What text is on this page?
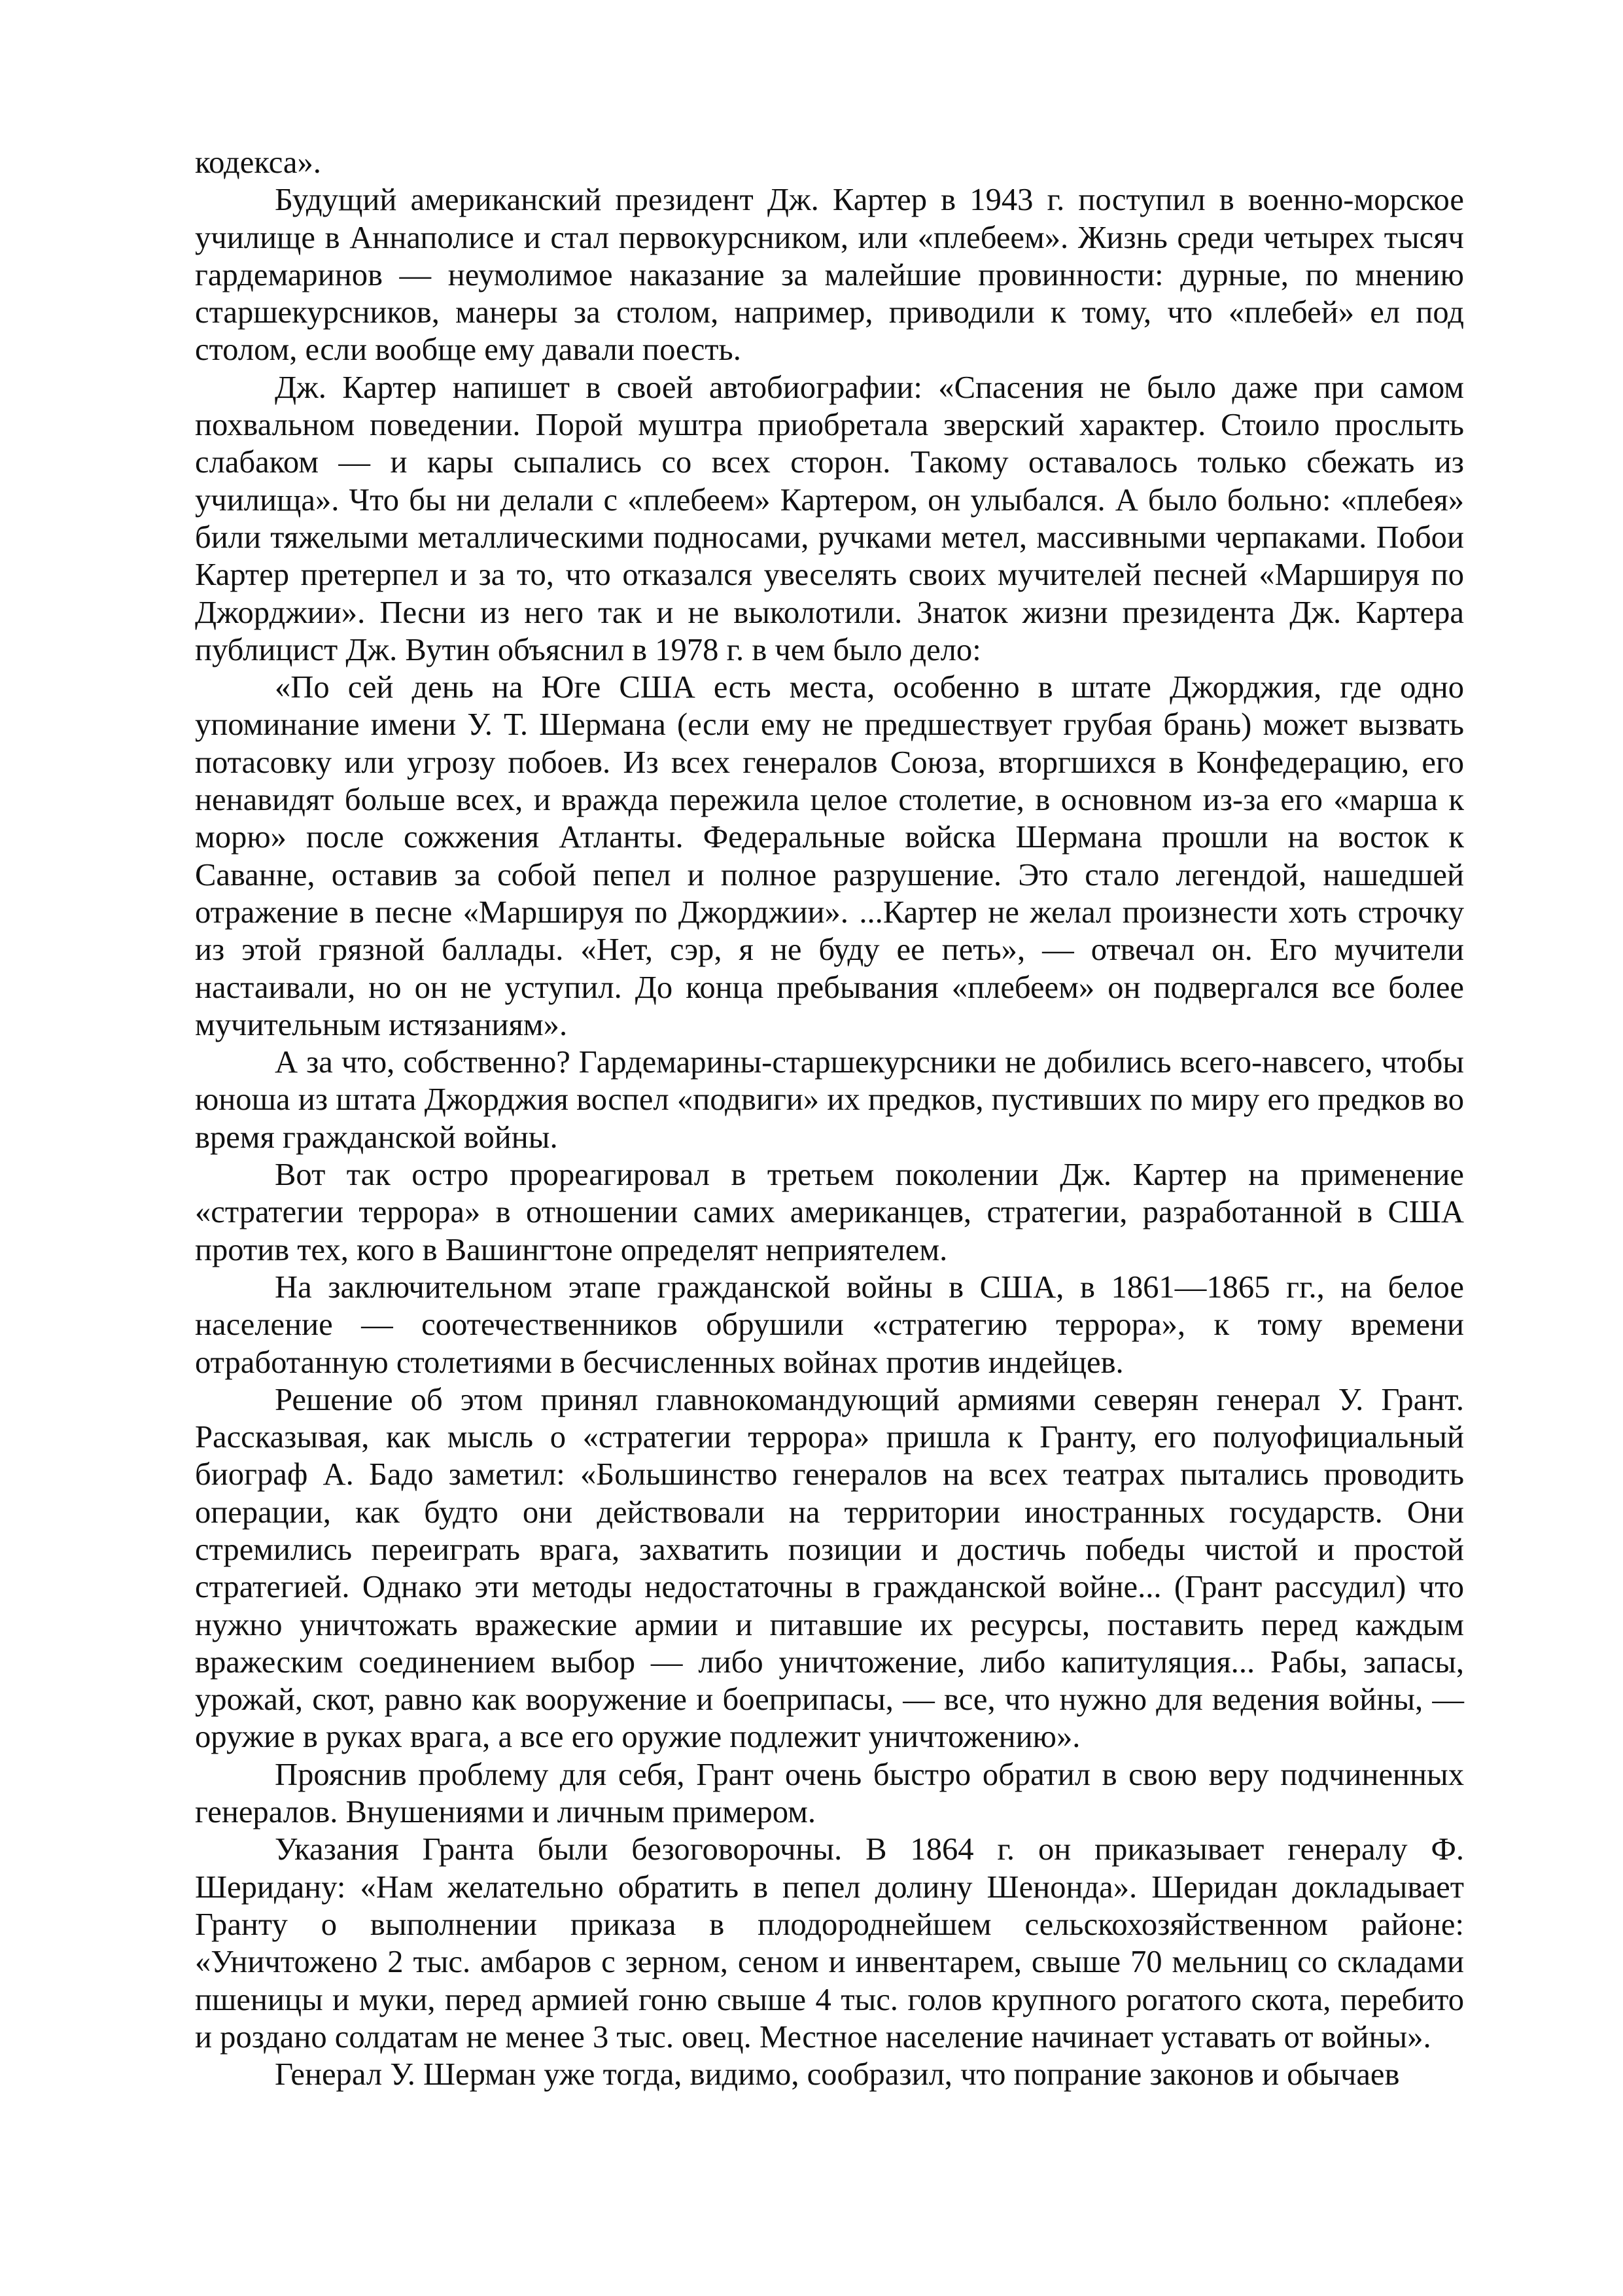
кодекса».

Будущий американский президент Дж. Картер в 1943 г. поступил в военно-морское училище в Аннаполисе и стал первокурсником, или «плебеем». Жизнь среди четырех тысяч гардемаринов — неумолимое наказание за малейшие провинности: дурные, по мнению старшекурсников, манеры за столом, например, приводили к тому, что «плебей» ел под столом, если вообще ему давали поесть.

Дж. Картер напишет в своей автобиографии: «Спасения не было даже при самом похвальном поведении. Порой муштра приобретала зверский характер. Стоило прослыть слабаком — и кары сыпались со всех сторон. Такому оставалось только сбежать из училища». Что бы ни делали с «плебеем» Картером, он улыбался. А было больно: «плебея» били тяжелыми металлическими подносами, ручками метел, массивными черпаками. Побои Картер претерпел и за то, что отказался увеселять своих мучителей песней «Маршируя по Джорджии». Песни из него так и не выколотили. Знаток жизни президента Дж. Картера публицист Дж. Вутин объяснил в 1978 г. в чем было дело:

«По сей день на Юге США есть места, особенно в штате Джорджия, где одно упоминание имени У. Т. Шермана (если ему не предшествует грубая брань) может вызвать потасовку или угрозу побоев. Из всех генералов Союза, вторгшихся в Конфедерацию, его ненавидят больше всех, и вражда пережила целое столетие, в основном из-за его «марша к морю» после сожжения Атланты. Федеральные войска Шермана прошли на восток к Саванне, оставив за собой пепел и полное разрушение. Это стало легендой, нашедшей отражение в песне «Маршируя по Джорджии». ...Картер не желал произнести хоть строчку из этой грязной баллады. «Нет, сэр, я не буду ее петь», — отвечал он. Его мучители настаивали, но он не уступил. До конца пребывания «плебеем» он подвергался все более мучительным истязаниям».

А за что, собственно? Гардемарины-старшекурсники не добились всего-навсего, чтобы юноша из штата Джорджия воспел «подвиги» их предков, пустивших по миру его предков во время гражданской войны.

Вот так остро прореагировал в третьем поколении Дж. Картер на применение «стратегии террора» в отношении самих американцев, стратегии, разработанной в США против тех, кого в Вашингтоне определят неприятелем.

На заключительном этапе гражданской войны в США, в 1861—1865 гг., на белое население — соотечественников обрушили «стратегию террора», к тому времени отработанную столетиями в бесчисленных войнах против индейцев.

Решение об этом принял главнокомандующий армиями северян генерал У. Грант. Рассказывая, как мысль о «стратегии террора» пришла к Гранту, его полуофициальный биограф А. Бадо заметил: «Большинство генералов на всех театрах пытались проводить операции, как будто они действовали на территории иностранных государств. Они стремились переиграть врага, захватить позиции и достичь победы чистой и простой стратегией. Однако эти методы недостаточны в гражданской войне... (Грант рассудил) что нужно уничтожать вражеские армии и питавшие их ресурсы, поставить перед каждым вражеским соединением выбор — либо уничтожение, либо капитуляция... Рабы, запасы, урожай, скот, равно как вооружение и боеприпасы, — все, что нужно для ведения войны, — оружие в руках врага, а все его оружие подлежит уничтожению».

Прояснив проблему для себя, Грант очень быстро обратил в свою веру подчиненных генералов. Внушениями и личным примером.

Указания Гранта были безоговорочны. В 1864 г. он приказывает генералу Ф. Шеридану: «Нам желательно обратить в пепел долину Шенонда». Шеридан докладывает Гранту о выполнении приказа в плодороднейшем сельскохозяйственном районе: «Уничтожено 2 тыс. амбаров с зерном, сеном и инвентарем, свыше 70 мельниц со складами пшеницы и муки, перед армией гоню свыше 4 тыс. голов крупного рогатого скота, перебито и роздано солдатам не менее 3 тыс. овец. Местное население начинает уставать от войны».

Генерал У. Шерман уже тогда, видимо, сообразил, что попрание законов и обычаев
